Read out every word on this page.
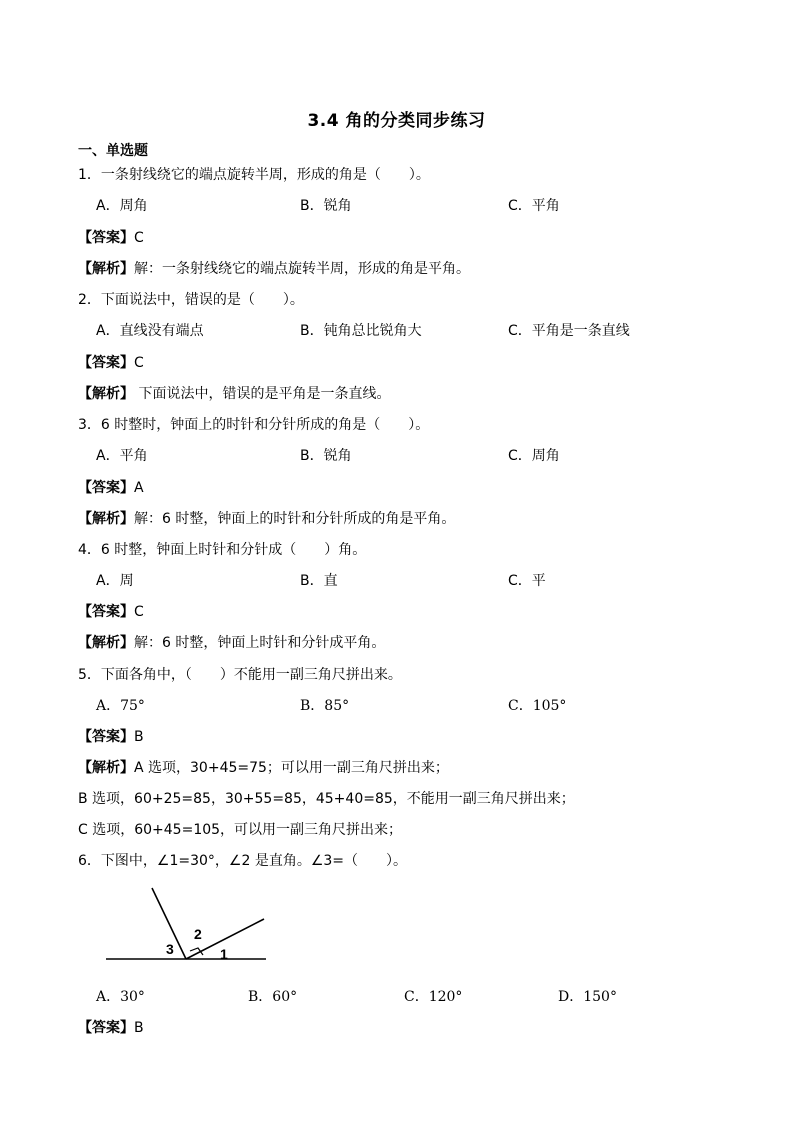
3.4 角的分类同步练习
一、单选题
1．一条射线绕它的端点旋转半周，形成的角是（　　）。
A．周角	B．锐角	C．平角
【答案】C
【解析】解：一条射线绕它的端点旋转半周，形成的角是平角。
2．下面说法中，错误的是（　　）。
A．直线没有端点	B．钝角总比锐角大	C．平角是一条直线
【答案】C
【解析】 下面说法中，错误的是平角是一条直线。
3．6 时整时，钟面上的时针和分针所成的角是（　　）。
A．平角	B．锐角	C．周角
【答案】A
【解析】解：6 时整，钟面上的时针和分针所成的角是平角。
4．6 时整，钟面上时针和分针成（　　）角。
A．周	B．直	C．平
【答案】C
【解析】解：6 时整，钟面上时针和分针成平角。
5．下面各角中，（　　）不能用一副三角尺拼出来。
A．75°	B．85°	C．105°
【答案】B
【解析】A 选项，30+45=75；可以用一副三角尺拼出来；
B 选项，60+25=85，30+55=85，45+40=85，不能用一副三角尺拼出来；
C 选项，60+45=105，可以用一副三角尺拼出来；
6．下图中，∠1=30°，∠2 是直角。∠3=（　　）。
3
2
1
A．30°	B．60°	C．120°	D．150°
【答案】B
